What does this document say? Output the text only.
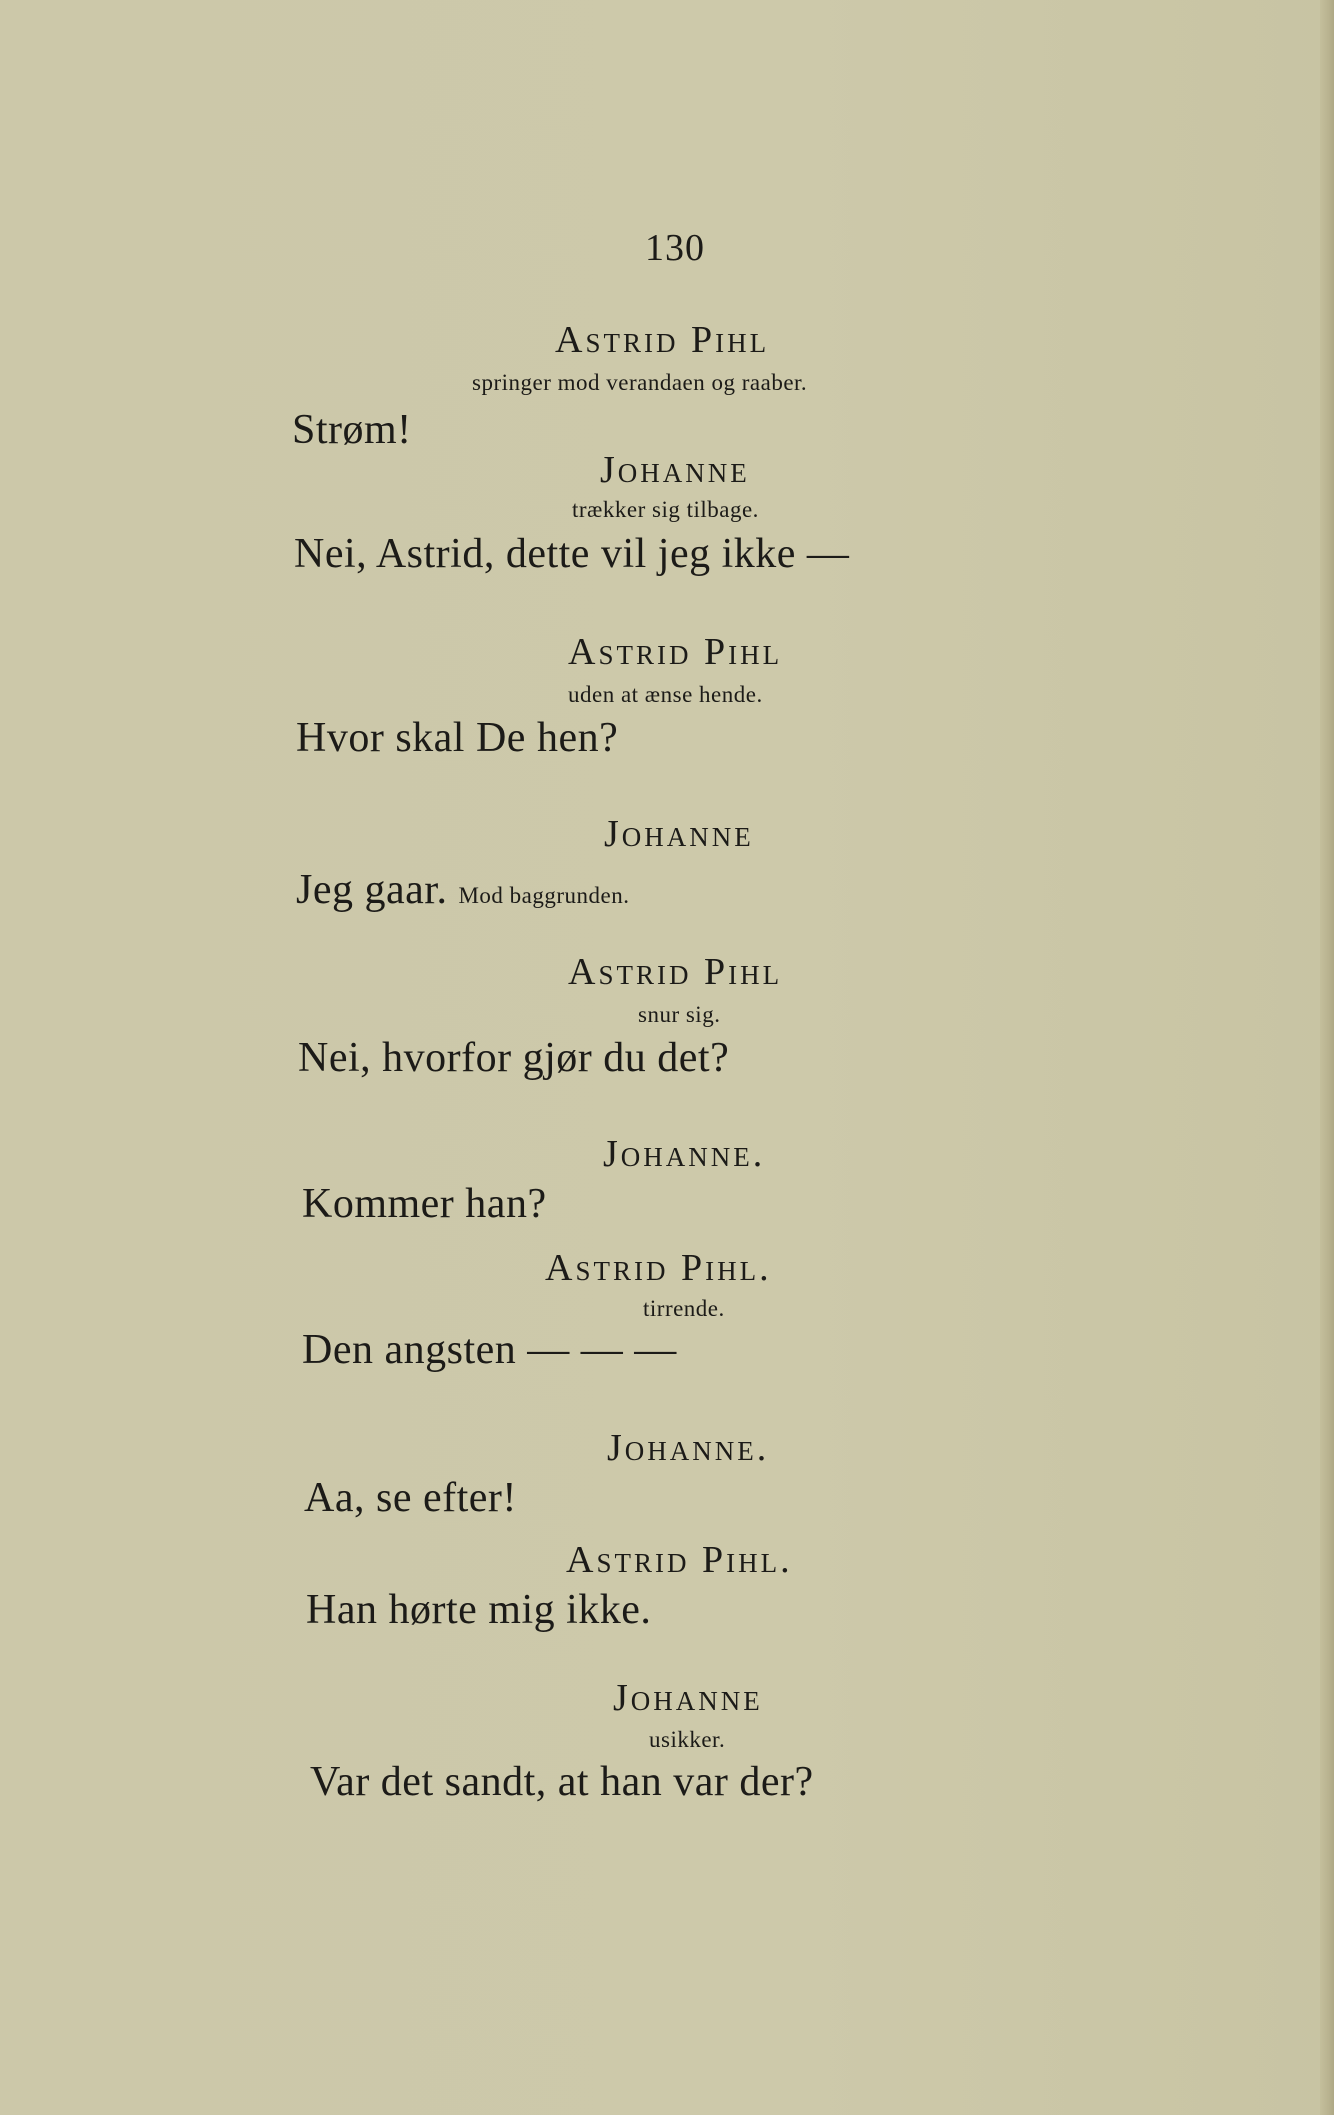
130
Astrid Pihl
springer mod verandaen og raaber.
Strøm!
Johanne
trækker sig tilbage.
Nei, Astrid, dette vil jeg ikke —
Astrid Pihl
uden at ænse hende.
Hvor skal De hen?
Johanne
Jeg gaar. Mod baggrunden.
Astrid Pihl
snur sig.
Nei, hvorfor gjør du det?
Johanne.
Kommer han?
Astrid Pihl.
tirrende.
Den angsten — — —
Johanne.
Aa, se efter!
Astrid Pihl.
Han hørte mig ikke.
Johanne
usikker.
Var det sandt, at han var der?
